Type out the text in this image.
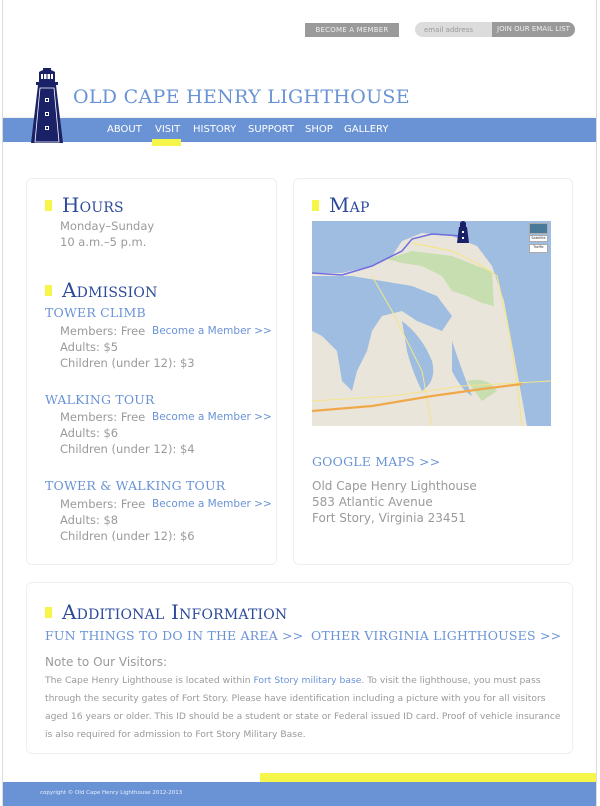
BECOME A MEMBER
email address	JOIN OUR EMAIL LIST
OLD CAPE HENRY LIGHTHOUSE
ABOUT VISIT HISTORY SUPPORT SHOP GALLERY
Hours
Monday–Sunday
10 a.m.–5 p.m.
Admission
TOWER CLIMB
Members: Free
Adults: $5
Children (under 12): $3
Become a Member >>
WALKING TOUR
Members: Free
Adults: $6
Children (under 12): $4
Become a Member >>
TOWER & WALKING TOUR
Members: Free
Adults: $8
Children (under 12): $6
Become a Member >>
Map
Satellite
Traffic
GOOGLE MAPS >>
Old Cape Henry Lighthouse
583 Atlantic Avenue
Fort Story, Virginia 23451
Additional Information
FUN THINGS TO DO IN THE AREA >> OTHER VIRGINIA LIGHTHOUSES >>
Note to Our Visitors:
The Cape Henry Lighthouse is located within Fort Story military base. To visit the lighthouse, you must pass through the security gates of Fort Story. Please have identification including a picture with you for all visitors aged 16 years or older. This ID should be a student or state or Federal issued ID card. Proof of vehicle insurance is also required for admission to Fort Story Military Base.
copyright © Old Cape Henry Lighthouse 2012-2013
